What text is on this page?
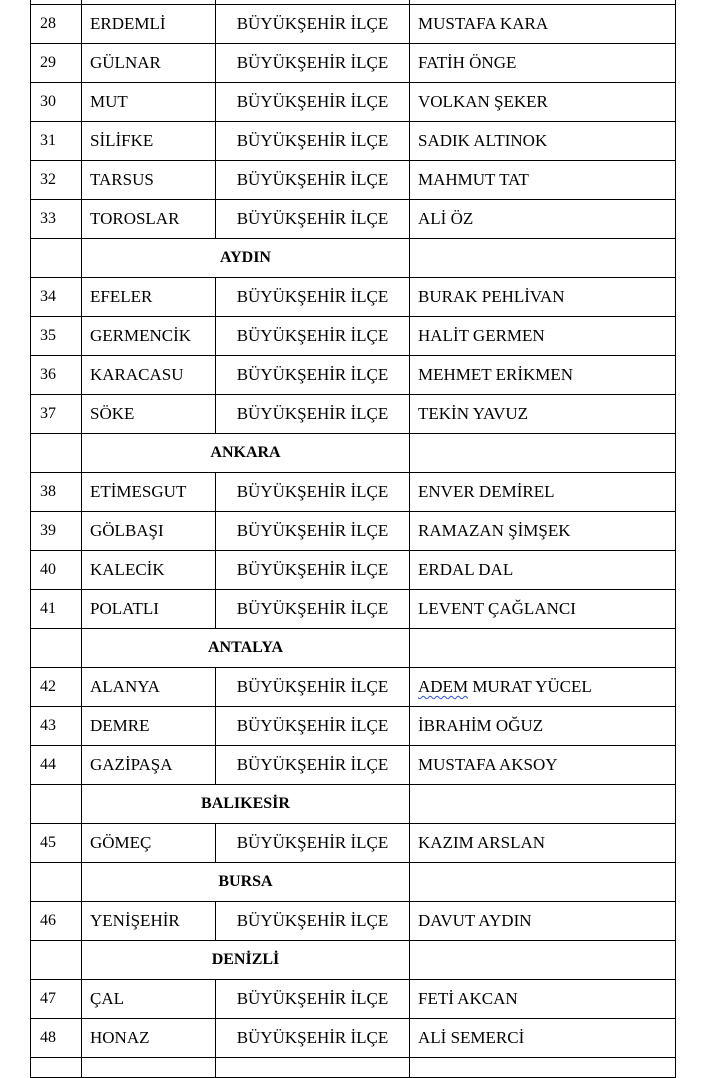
28	ERDEMLİ	BÜYÜKŞEHİR İLÇE	MUSTAFA KARA
29	GÜLNAR	BÜYÜKŞEHİR İLÇE	FATİH ÖNGE
30	MUT	BÜYÜKŞEHİR İLÇE	VOLKAN ŞEKER
31	SİLİFKE	BÜYÜKŞEHİR İLÇE	SADIK ALTINOK
32	TARSUS	BÜYÜKŞEHİR İLÇE	MAHMUT TAT
33	TOROSLAR	BÜYÜKŞEHİR İLÇE	ALİ ÖZ
	AYDIN		
34	EFELER	BÜYÜKŞEHİR İLÇE	BURAK PEHLİVAN
35	GERMENCİK	BÜYÜKŞEHİR İLÇE	HALİT GERMEN
36	KARACASU	BÜYÜKŞEHİR İLÇE	MEHMET ERİKMEN
37	SÖKE	BÜYÜKŞEHİR İLÇE	TEKİN YAVUZ
	ANKARA		
38	ETİMESGUT	BÜYÜKŞEHİR İLÇE	ENVER DEMİREL
39	GÖLBAŞI	BÜYÜKŞEHİR İLÇE	RAMAZAN ŞİMŞEK
40	KALECİK	BÜYÜKŞEHİR İLÇE	ERDAL DAL
41	POLATLI	BÜYÜKŞEHİR İLÇE	LEVENT ÇAĞLANCI
	ANTALYA		
42	ALANYA	BÜYÜKŞEHİR İLÇE	ADEM MURAT YÜCEL
43	DEMRE	BÜYÜKŞEHİR İLÇE	İBRAHİM OĞUZ
44	GAZİPAŞA	BÜYÜKŞEHİR İLÇE	MUSTAFA AKSOY
	BALIKESİR		
45	GÖMEÇ	BÜYÜKŞEHİR İLÇE	KAZIM ARSLAN
	BURSA		
46	YENİŞEHİR	BÜYÜKŞEHİR İLÇE	DAVUT AYDIN
	DENİZLİ		
47	ÇAL	BÜYÜKŞEHİR İLÇE	FETİ AKCAN
48	HONAZ	BÜYÜKŞEHİR İLÇE	ALİ SEMERCİ
